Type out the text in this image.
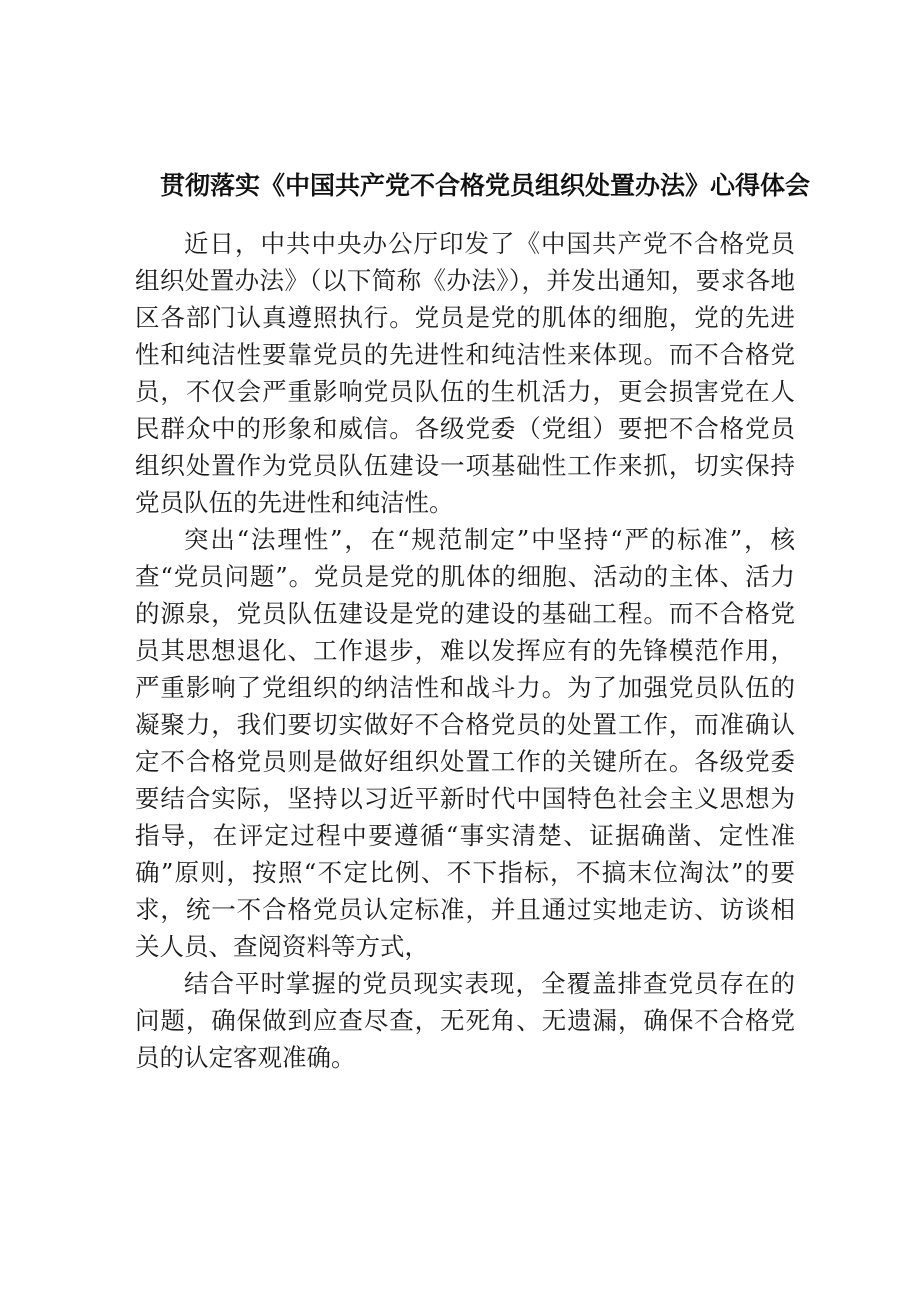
贯彻落实《中国共产党不合格党员组织处置办法》心得体会

近日，中共中央办公厅印发了《中国共产党不合格党员组织处置办法》（以下简称《办法》），并发出通知，要求各地区各部门认真遵照执行。党员是党的肌体的细胞，党的先进性和纯洁性要靠党员的先进性和纯洁性来体现。而不合格党员，不仅会严重影响党员队伍的生机活力，更会损害党在人民群众中的形象和威信。各级党委（党组）要把不合格党员组织处置作为党员队伍建设一项基础性工作来抓，切实保持党员队伍的先进性和纯洁性。

突出“法理性”，在“规范制定”中坚持“严的标准”，核查“党员问题”。党员是党的肌体的细胞、活动的主体、活力的源泉，党员队伍建设是党的建设的基础工程。而不合格党员其思想退化、工作退步，难以发挥应有的先锋模范作用，严重影响了党组织的纳洁性和战斗力。为了加强党员队伍的凝聚力，我们要切实做好不合格党员的处置工作，而准确认定不合格党员则是做好组织处置工作的关键所在。各级党委要结合实际，坚持以习近平新时代中国特色社会主义思想为指导，在评定过程中要遵循“事实清楚、证据确凿、定性准确”原则，按照“不定比例、不下指标，不搞末位淘汰”的要求，统一不合格党员认定标准，并且通过实地走访、访谈相关人员、查阅资料等方式，

结合平时掌握的党员现实表现，全覆盖排查党员存在的问题，确保做到应查尽查，无死角、无遗漏，确保不合格党员的认定客观准确。
